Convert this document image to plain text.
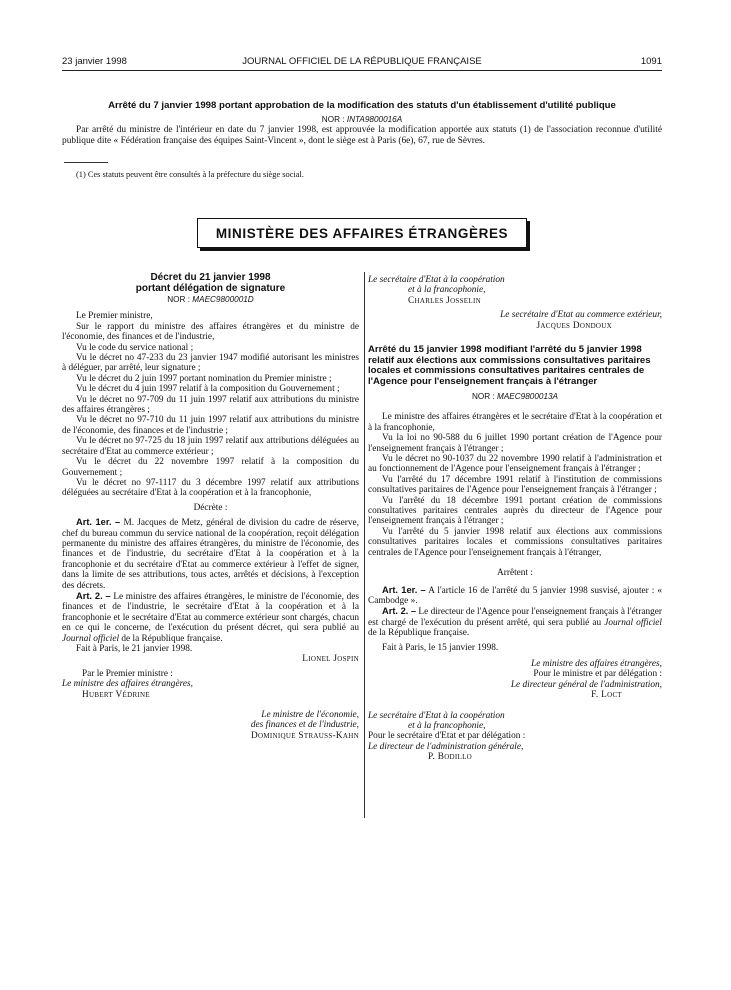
23 janvier 1998	JOURNAL OFFICIEL DE LA RÉPUBLIQUE FRANÇAISE	1091
Arrêté du 7 janvier 1998 portant approbation de la modification des statuts d'un établissement d'utilité publique
NOR : INTA9800016A

Par arrêté du ministre de l'intérieur en date du 7 janvier 1998, est approuvée la modification apportée aux statuts (1) de l'association reconnue d'utilité publique dite « Fédération française des équipes Saint-Vincent », dont le siège est à Paris (6e), 67, rue de Sèvres.

(1) Ces statuts peuvent être consultés à la préfecture du siège social.

MINISTÈRE DES AFFAIRES ÉTRANGÈRES

Décret du 21 janvier 1998

portant délégation de signature

NOR : MAEC9800001D

Le Premier ministre,

Sur le rapport du ministre des affaires étrangères et du ministre de l'économie, des finances et de l'industrie,

Vu le code du service national ;

Vu le décret no 47-233 du 23 janvier 1947 modifié autorisant les ministres à déléguer, par arrêté, leur signature ;

Vu le décret du 2 juin 1997 portant nomination du Premier ministre ;

Vu le décret du 4 juin 1997 relatif à la composition du Gouvernement ;

Vu le décret no 97-709 du 11 juin 1997 relatif aux attributions du ministre des affaires étrangères ;

Vu le décret no 97-710 du 11 juin 1997 relatif aux attributions du ministre de l'économie, des finances et de l'industrie ;

Vu le décret no 97-725 du 18 juin 1997 relatif aux attributions déléguées au secrétaire d'Etat au commerce extérieur ;

Vu le décret du 22 novembre 1997 relatif à la composition du Gouvernement ;

Vu le décret no 97-1117 du 3 décembre 1997 relatif aux attributions déléguées au secrétaire d'Etat à la coopération et à la francophonie,

Décrète :

Art. 1er. – M. Jacques de Metz, général de division du cadre de réserve, chef du bureau commun du service national de la coopération, reçoit délégation permanente du ministre des affaires étrangères, du ministre de l'économie, des finances et de l'industrie, du secrétaire d'Etat à la coopération et à la francophonie et du secrétaire d'Etat au commerce extérieur à l'effet de signer, dans la limite de ses attributions, tous actes, arrêtés et décisions, à l'exception des décrets.

Art. 2. – Le ministre des affaires étrangères, le ministre de l'économie, des finances et de l'industrie, le secrétaire d'Etat à la coopération et à la francophonie et le secrétaire d'Etat au commerce extérieur sont chargés, chacun en ce qui le concerne, de l'exécution du présent décret, qui sera publié au Journal officiel de la République française.

Fait à Paris, le 21 janvier 1998.

Lionel Jospin

Par le Premier ministre :

Le ministre des affaires étrangères,

Hubert Védrine

Le ministre de l'économie,

des finances et de l'industrie,

Dominique Strauss-Kahn

Le secrétaire d'Etat à la coopération

et à la francophonie,

Charles Josselin

Le secrétaire d'Etat au commerce extérieur,

Jacques Dondoux

Arrêté du 15 janvier 1998 modifiant l'arrêté du 5 janvier 1998 relatif aux élections aux commissions consultatives paritaires locales et commissions consultatives paritaires centrales de l'Agence pour l'enseignement français à l'étranger

NOR : MAEC9800013A

Le ministre des affaires étrangères et le secrétaire d'Etat à la coopération et à la francophonie,

Vu la loi no 90-588 du 6 juillet 1990 portant création de l'Agence pour l'enseignement français à l'étranger ;

Vu le décret no 90-1037 du 22 novembre 1990 relatif à l'administration et au fonctionnement de l'Agence pour l'enseignement français à l'étranger ;

Vu l'arrêté du 17 décembre 1991 relatif à l'institution de commissions consultatives paritaires de l'Agence pour l'enseignement français à l'étranger ;

Vu l'arrêté du 18 décembre 1991 portant création de commissions consultatives paritaires centrales auprès du directeur de l'Agence pour l'enseignement français à l'étranger ;

Vu l'arrêté du 5 janvier 1998 relatif aux élections aux commissions consultatives paritaires locales et commissions consultatives paritaires centrales de l'Agence pour l'enseignement français à l'étranger,

Arrêtent :

Art. 1er. – A l'article 16 de l'arrêté du 5 janvier 1998 susvisé, ajouter : « Cambodge ».

Art. 2. – Le directeur de l'Agence pour l'enseignement français à l'étranger est chargé de l'exécution du présent arrêté, qui sera publié au Journal officiel de la République française.

Fait à Paris, le 15 janvier 1998.

Le ministre des affaires étrangères,

Pour le ministre et par délégation :

Le directeur général de l'administration,

F. Loct

Le secrétaire d'Etat à la coopération

et à la francophonie,

Pour le secrétaire d'Etat et par délégation :

Le directeur de l'administration générale,

P. Bodillo
